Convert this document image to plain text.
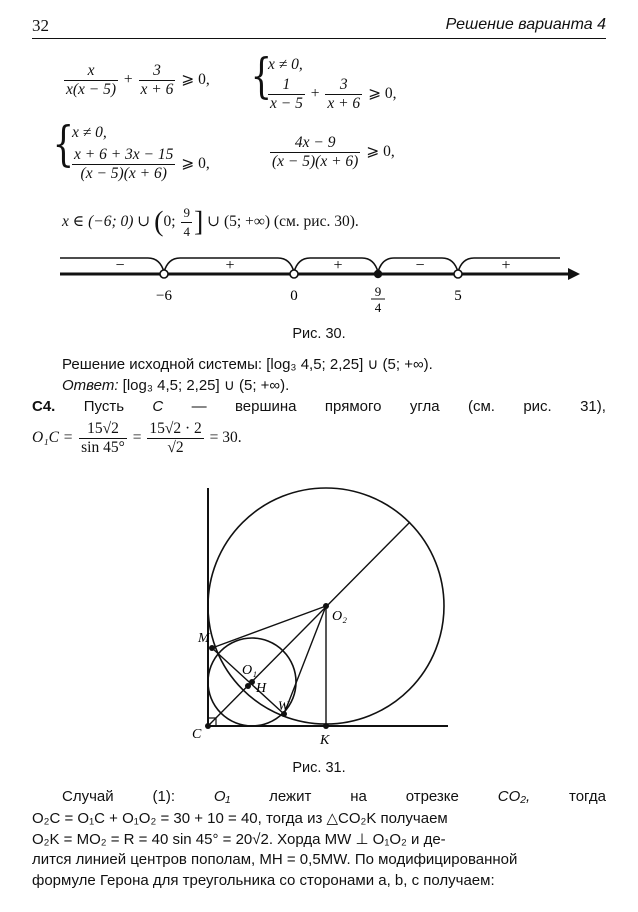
32	Решение варианта 4
$\frac{x}{x(x - 5)} + \frac{3}{x + 6}$ ⩾ 0, {
x ≠ 0,
$\frac{1}{x - 5} + \frac{3}{x + 6}$ ⩾ 0,
{
x ≠ 0,
$\frac{x + 6 + 3x - 15}{(x - 5)(x + 6)}$ ⩾ 0,	$\frac{4x - 9}{(x - 5)(x + 6)}$ ⩾ 0,
x ∈ (−6; 0) ∪ (0; $\frac{9}{4}$ ] ∪ (5; +∞) (см. рис. 30).
−	+	+	−	+
−6	0	9
4
5
Рис. 30.
Решение исходной системы: [log₃ 4,5; 2,25] ∪ (5; +∞).
Ответ: [log₃ 4,5; 2,25] ∪ (5; +∞).
C4. Пусть C — вершина прямого угла (см. рис. 31),
$O_1C = \frac{15√2}{\sin 45^\circ} = \frac{15√2 \cdot 2}{√2} = 30$.
C
M
O₁
H
W
O₂
K
Рис. 31.
Случай	(1):	O₁	лежит	на	отрезке	CO₂,	тогда
O₂C = O₁C + O₁O₂ = 30 + 10 = 40, тогда из △CO₂K получаем
O₂K = MO₂ = R = 40 sin 45° = 20√2. Хорда MW ⊥ O₁O₂ и де-
лится линией центров пополам, MH = 0,5MW. По модифицированной
формуле Герона для треугольника со сторонами a, b, c получаем:
